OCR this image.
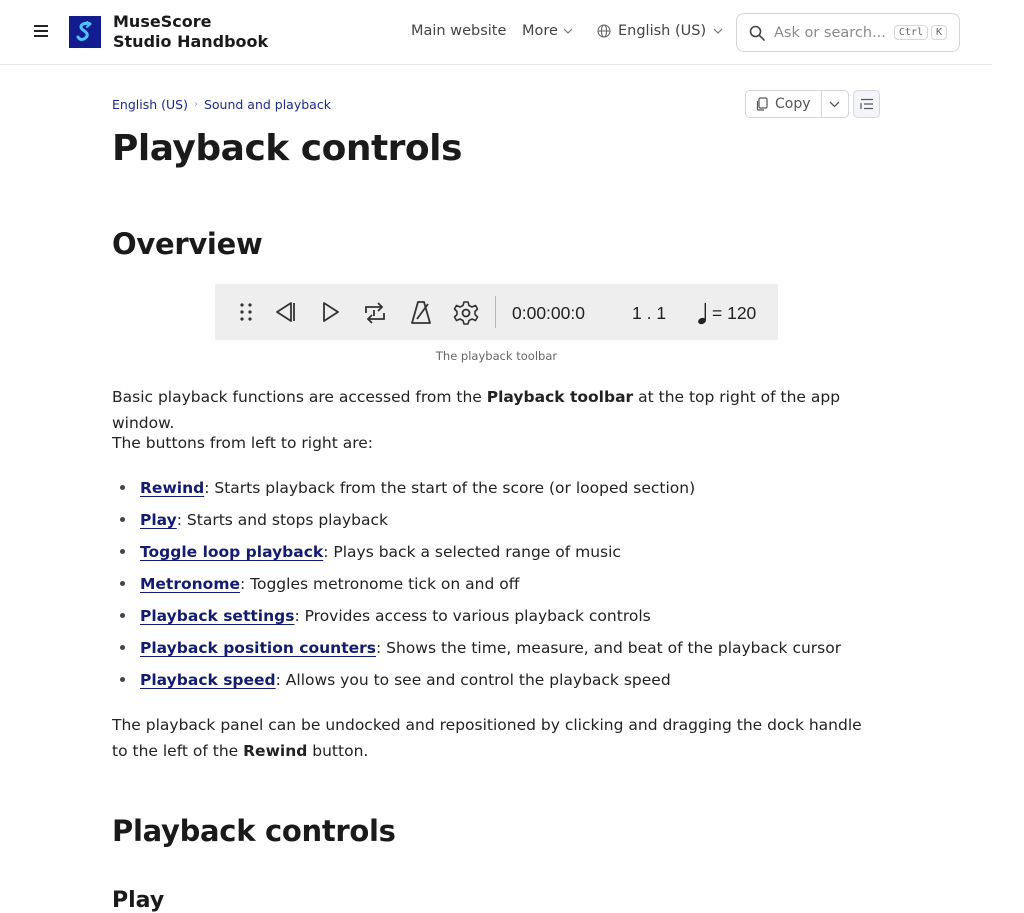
MuseScore Studio Handbook
Main website More	English (US)	Ask or search...	Ctrl	K
English (US) › Sound and playback	Copy
Playback controls
Overview
0:00:00:0	1 . 1	= 120
The playback toolbar

Basic playback functions are accessed from the Playback toolbar at the top right of the app window.

The buttons from left to right are:

Rewind: Starts playback from the start of the score (or looped section)
Play: Starts and stops playback
Toggle loop playback: Plays back a selected range of music
Metronome: Toggles metronome tick on and off
Playback settings: Provides access to various playback controls
Playback position counters: Shows the time, measure, and beat of the playback cursor
Playback speed: Allows you to see and control the playback speed

The playback panel can be undocked and repositioned by clicking and dragging the dock handle to the left of the Rewind button.

Playback controls
Play
